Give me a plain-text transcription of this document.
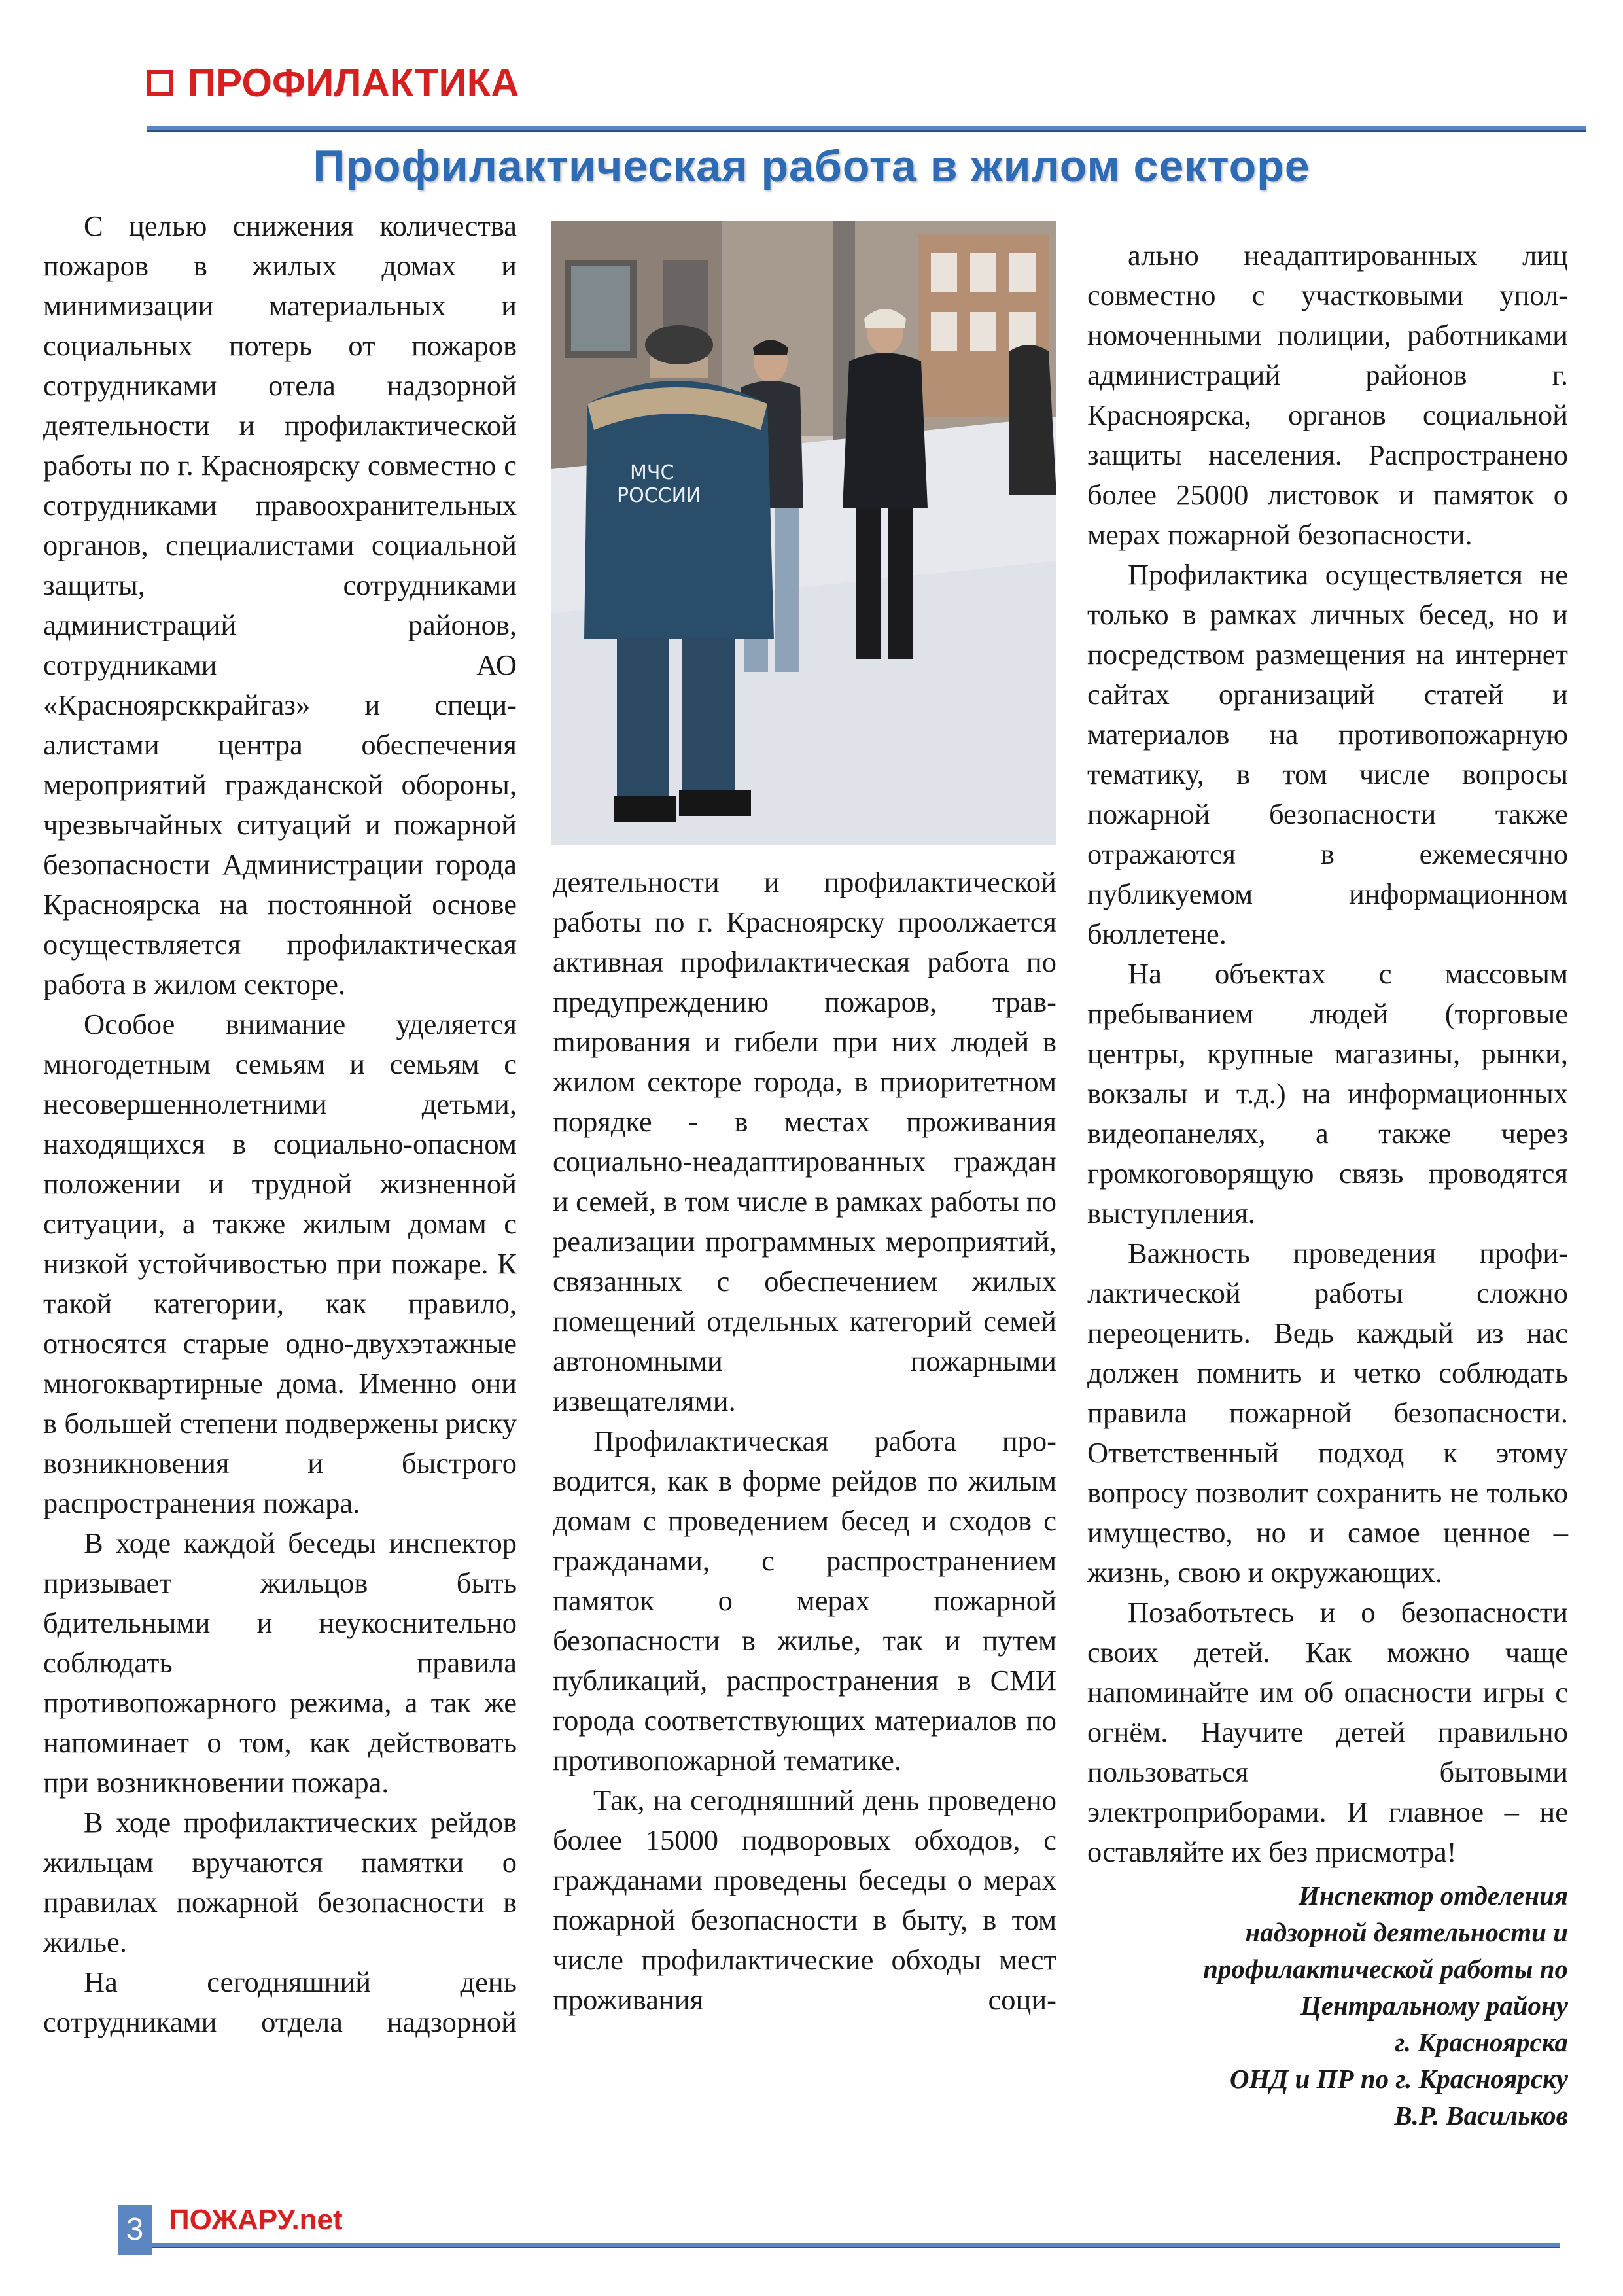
ПРОФИЛАКТИКА
Профилактическая работа в жилом секторе

С целью снижения количества пожаров в жилых домах и минимизации материальных и социальных потерь от пожаров сотрудниками отела надзорной деятельности и профилактической работы по г. Красноярску совместно с сотрудниками правоохранительных органов, специалистами социальной защиты, сотрудниками администраций районов, сотрудниками АО «Красноярсккрайгаз» и специалистами центра обеспечения мероприятий гражданской обороны, чрезвычайных ситуаций и пожарной безопасности Администрации города Красноярска на постоянной основе осуществляется профилактическая работа в жилом секторе.

Особое внимание уделяется многодетным семьям и семьям с несовершеннолетними детьми, находящихся в социально-опасном положении и трудной жизненной ситуации, а также жилым домам с низкой устойчивостью при пожаре. К такой категории, как правило, относятся старые одно-двухэтажные многоквартирные дома. Именно они в большей степени подвержены риску возникновения и быстрого распространения пожара.

В ходе каждой беседы инспектор призывает жильцов быть бдительными и неукоснительно соблюдать правила противопожарного режима, а так же напоминает о том, как действовать при возникновении пожара.

В ходе профилактических рейдов жильцам вручаются памятки о правилах пожарной безопасности в жилье.

На сегодняшний день сотрудниками отдела надзорной

МЧС
РОССИИ

деятельности и профилактической работы по г. Красноярску проолжается активная профилактическая работа по предупреждению пожаров, травmирования и гибели при них людей в жилом секторе города, в приоритетном порядке - в местах проживания социально-неадаптированных граждан и семей, в том числе в рамках работы по реализации программных мероприятий, связанных с обеспечением жилых помещений отдельных категорий семей автономными пожарными извещателями.

Профилактическая работа проводится, как в форме рейдов по жилым домам с проведением бесед и сходов с гражданами, с распространением памяток о мерах пожарной безопасности в жилье, так и путем публикаций, распространения в СМИ города соответствующих материалов по противопожарной тематике.

Так, на сегодняшний день проведено более 15000 подворовых обходов, с гражданами проведены беседы о мерах пожарной безопасности в быту, в том числе профилактические обходы мест проживания соци-

ально неадаптированных лиц совместно с участковыми уполномоченными полиции, работниками администраций районов г. Красноярска, органов социальной защиты населения. Распространено более 25000 листовок и памяток о мерах пожарной безопасности.

Профилактика осуществляется не только в рамках личных бесед, но и посредством размещения на интернет сайтах организаций статей и материалов на противопожарную тематику, в том числе вопросы пожарной безопасности также отражаются в ежемесячно публикуемом информационном бюллетене.

На объектах с массовым пребыванием людей (торговые центры, крупные магазины, рынки, вокзалы и т.д.) на информационных видеопанелях, а также через громкоговорящую связь проводятся выступления.

Важность проведения профилактической работы сложно переоценить. Ведь каждый из нас должен помнить и четко соблюдать правила пожарной безопасности. Ответственный подход к этому вопросу позволит сохранить не только имущество, но и самое ценное – жизнь, свою и окружающих.

Позаботьтесь и о безопасности своих детей. Как можно чаще напоминайте им об опасности игры с огнём. Научите детей правильно пользоваться бытовыми электроприборами. И главное – не оставляйте их без присмотра!

Инспектор отделения
надзорной деятельности и
профилактической работы по
Центральному району
г. Красноярска
ОНД и ПР по г. Красноярску
В.Р. Васильков
3 ПОЖАРУ.net
